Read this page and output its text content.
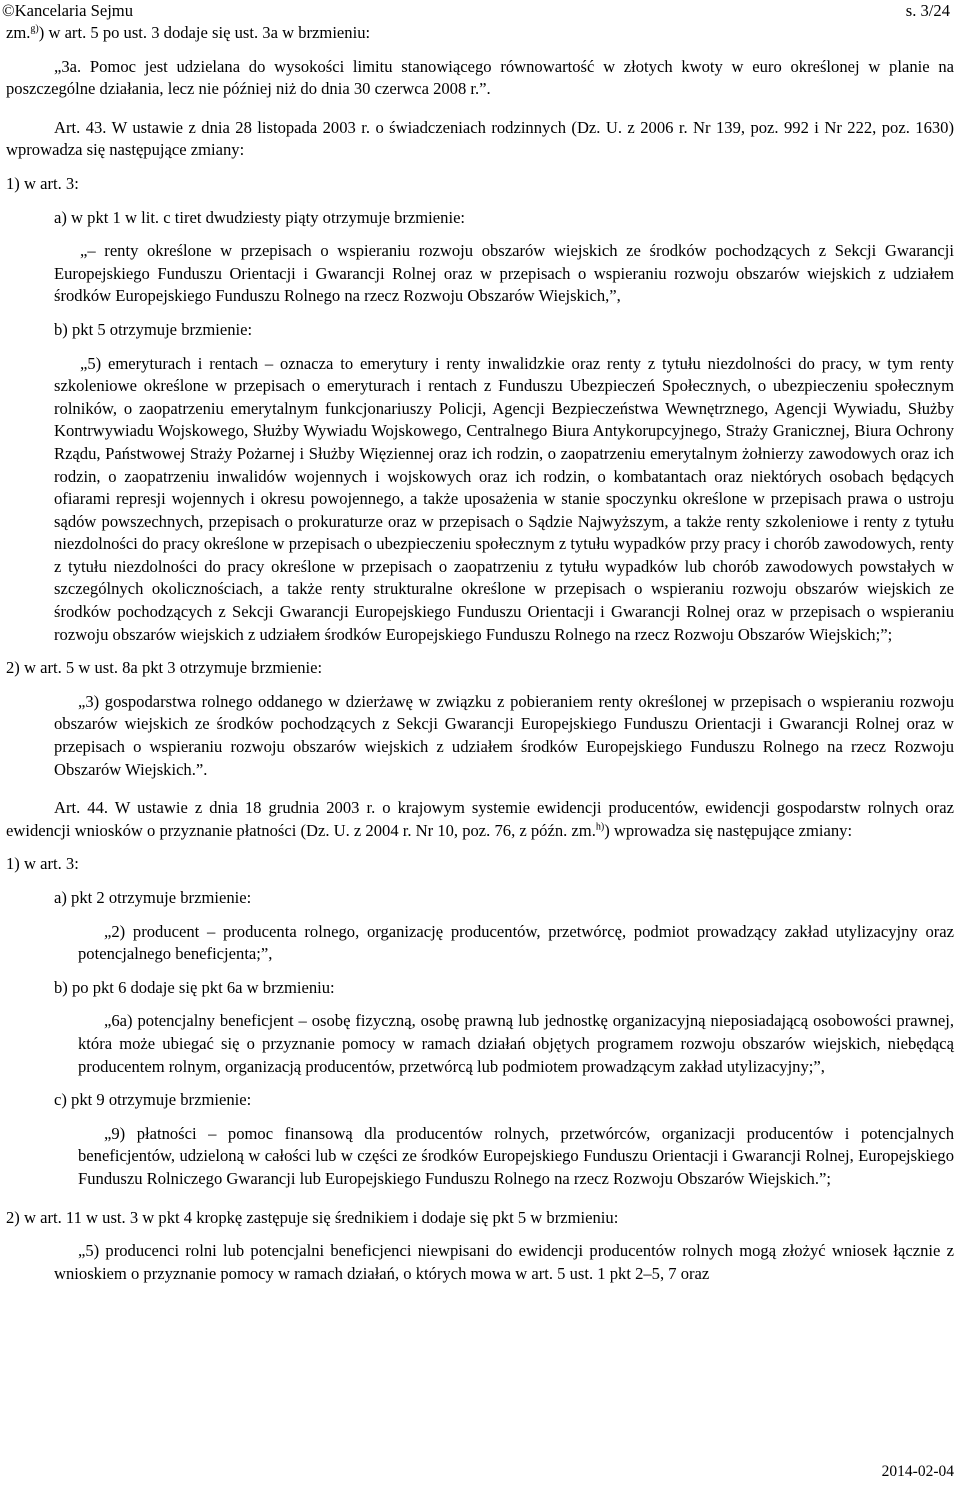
©Kancelaria Sejmu	s. 3/24

zm.$^{g)}$) w art. 5 po ust. 3 dodaje się ust. 3a w brzmieniu:

„3a. Pomoc jest udzielana do wysokości limitu stanowiącego równowartość w złotych kwoty w euro określonej w planie na poszczególne działania, lecz nie później niż do dnia 30 czerwca 2008 r.”.

Art. 43. W ustawie z dnia 28 listopada 2003 r. o świadczeniach rodzinnych (Dz. U. z 2006 r. Nr 139, poz. 992 i Nr 222, poz. 1630) wprowadza się następujące zmiany:

1) w art. 3:

a) w pkt 1 w lit. c tiret dwudziesty piąty otrzymuje brzmienie:

„– renty określone w przepisach o wspieraniu rozwoju obszarów wiejskich ze środków pochodzących z Sekcji Gwarancji Europejskiego Funduszu Orientacji i Gwarancji Rolnej oraz w przepisach o wspieraniu rozwoju obszarów wiejskich z udziałem środków Europejskiego Funduszu Rolnego na rzecz Rozwoju Obszarów Wiejskich,”,

b) pkt 5 otrzymuje brzmienie:

„5) emeryturach i rentach – oznacza to emerytury i renty inwalidzkie oraz renty z tytułu niezdolności do pracy, w tym renty szkoleniowe określone w przepisach o emeryturach i rentach z Funduszu Ubezpieczeń Społecznych, o ubezpieczeniu społecznym rolników, o zaopatrzeniu emerytalnym funkcjonariuszy Policji, Agencji Bezpieczeństwa Wewnętrznego, Agencji Wywiadu, Służby Kontrwywiadu Wojskowego, Służby Wywiadu Wojskowego, Centralnego Biura Antykorupcyjnego, Straży Granicznej, Biura Ochrony Rządu, Państwowej Straży Pożarnej i Służby Więziennej oraz ich rodzin, o zaopatrzeniu emerytalnym żołnierzy zawodowych oraz ich rodzin, o zaopatrzeniu inwalidów wojennych i wojskowych oraz ich rodzin, o kombatantach oraz niektórych osobach będących ofiarami represji wojennych i okresu powojennego, a także uposażenia w stanie spoczynku określone w przepisach prawa o ustroju sądów powszechnych, przepisach o prokuraturze oraz w przepisach o Sądzie Najwyższym, a także renty szkoleniowe i renty z tytułu niezdolności do pracy określone w przepisach o ubezpieczeniu społecznym z tytułu wypadków przy pracy i chorób zawodowych, renty z tytułu niezdolności do pracy określone w przepisach o zaopatrzeniu z tytułu wypadków lub chorób zawodowych powstałych w szczególnych okolicznościach, a także renty strukturalne określone w przepisach o wspieraniu rozwoju obszarów wiejskich ze środków pochodzących z Sekcji Gwarancji Europejskiego Funduszu Orientacji i Gwarancji Rolnej oraz w przepisach o wspieraniu rozwoju obszarów wiejskich z udziałem środków Europejskiego Funduszu Rolnego na rzecz Rozwoju Obszarów Wiejskich;”;

2) w art. 5 w ust. 8a pkt 3 otrzymuje brzmienie:

„3) gospodarstwa rolnego oddanego w dzierżawę w związku z pobieraniem renty określonej w przepisach o wspieraniu rozwoju obszarów wiejskich ze środków pochodzących z Sekcji Gwarancji Europejskiego Funduszu Orientacji i Gwarancji Rolnej oraz w przepisach o wspieraniu rozwoju obszarów wiejskich z udziałem środków Europejskiego Funduszu Rolnego na rzecz Rozwoju Obszarów Wiejskich.”.

Art. 44. W ustawie z dnia 18 grudnia 2003 r. o krajowym systemie ewidencji producentów, ewidencji gospodarstw rolnych oraz ewidencji wniosków o przyznanie płatności (Dz. U. z 2004 r. Nr 10, poz. 76, z późn. zm.$^{h)}$) wprowadza się następujące zmiany:

1) w art. 3:

a) pkt 2 otrzymuje brzmienie:

„2) producent – producenta rolnego, organizację producentów, przetwórcę, podmiot prowadzący zakład utylizacyjny oraz potencjalnego beneficjenta;”,

b) po pkt 6 dodaje się pkt 6a w brzmieniu:

„6a) potencjalny beneficjent – osobę fizyczną, osobę prawną lub jednostkę organizacyjną nieposiadającą osobowości prawnej, która może ubiegać się o przyznanie pomocy w ramach działań objętych programem rozwoju obszarów wiejskich, niebędącą producentem rolnym, organizacją producentów, przetwórcą lub podmiotem prowadzącym zakład utylizacyjny;”,

c) pkt 9 otrzymuje brzmienie:

„9) płatności – pomoc finansową dla producentów rolnych, przetwórców, organizacji producentów i potencjalnych beneficjentów, udzieloną w całości lub w części ze środków Europejskiego Funduszu Orientacji i Gwarancji Rolnej, Europejskiego Funduszu Rolniczego Gwarancji lub Europejskiego Funduszu Rolnego na rzecz Rozwoju Obszarów Wiejskich.”;

2) w art. 11 w ust. 3 w pkt 4 kropkę zastępuje się średnikiem i dodaje się pkt 5 w brzmieniu:

„5) producenci rolni lub potencjalni beneficjenci niewpisani do ewidencji producentów rolnych mogą złożyć wniosek łącznie z wnioskiem o przyznanie pomocy w ramach działań, o których mowa w art. 5 ust. 1 pkt 2–5, 7 oraz

2014-02-04
